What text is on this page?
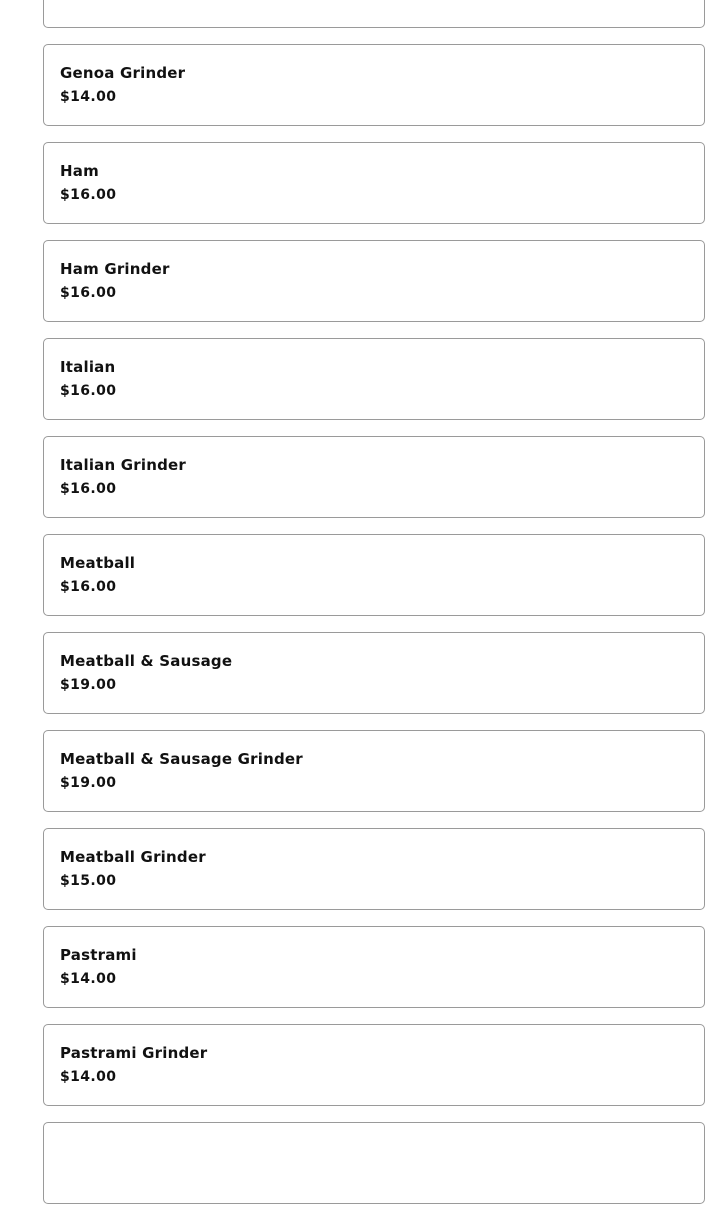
Genoa Grinder
$14.00
Ham
$16.00
Ham Grinder
$16.00
Italian
$16.00
Italian Grinder
$16.00
Meatball
$16.00
Meatball & Sausage
$19.00
Meatball & Sausage Grinder
$19.00
Meatball Grinder
$15.00
Pastrami
$14.00
Pastrami Grinder
$14.00
